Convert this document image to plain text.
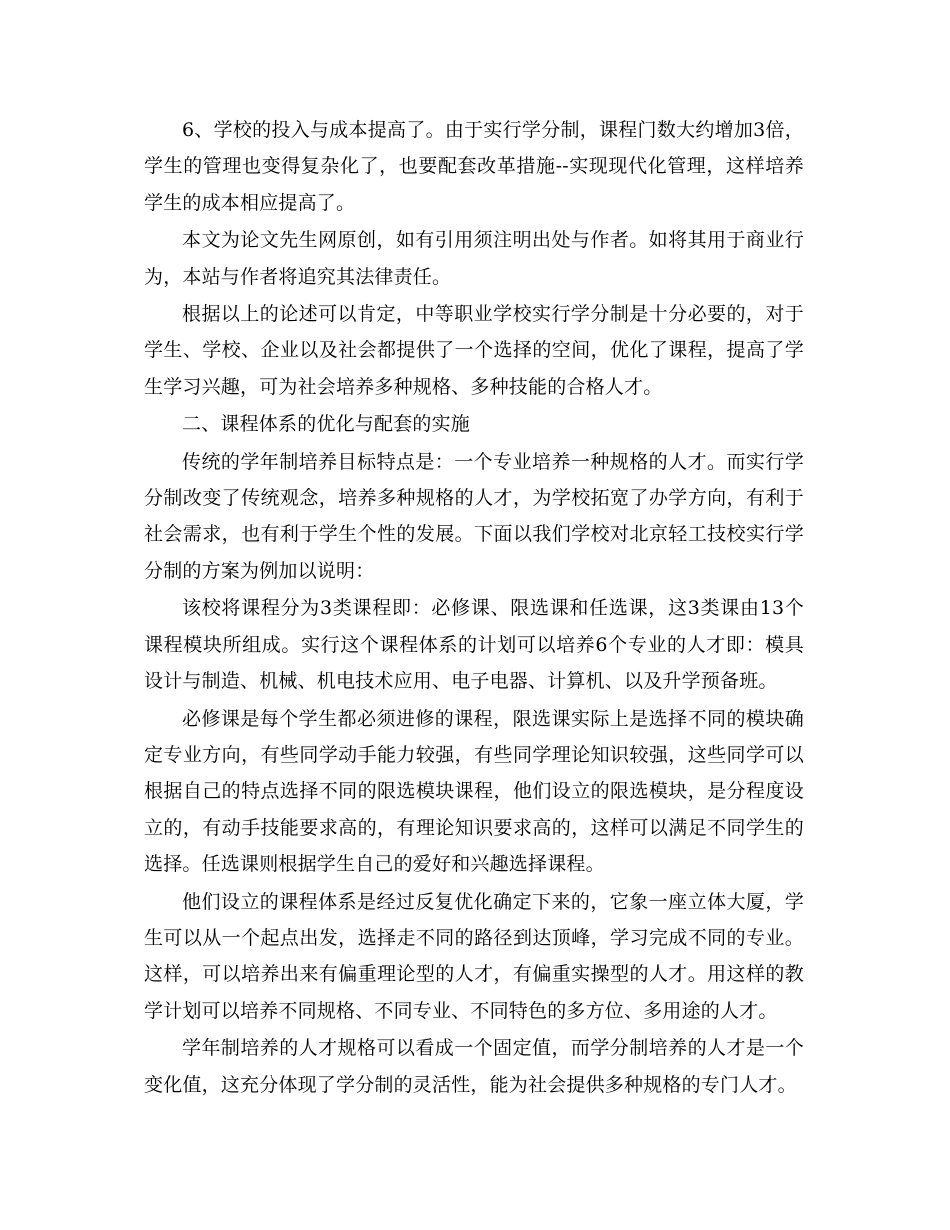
6、学校的投入与成本提高了。由于实行学分制，课程门数大约增加3倍，学生的管理也变得复杂化了，也要配套改革措施--实现现代化管理，这样培养学生的成本相应提高了。

本文为论文先生网原创，如有引用须注明出处与作者。如将其用于商业行为，本站与作者将追究其法律责任。

根据以上的论述可以肯定，中等职业学校实行学分制是十分必要的，对于学生、学校、企业以及社会都提供了一个选择的空间，优化了课程，提高了学生学习兴趣，可为社会培养多种规格、多种技能的合格人才。

二、课程体系的优化与配套的实施

传统的学年制培养目标特点是：一个专业培养一种规格的人才。而实行学分制改变了传统观念，培养多种规格的人才，为学校拓宽了办学方向，有利于社会需求，也有利于学生个性的发展。下面以我们学校对北京轻工技校实行学分制的方案为例加以说明：

该校将课程分为3类课程即：必修课、限选课和任选课，这3类课由13个课程模块所组成。实行这个课程体系的计划可以培养6个专业的人才即：模具设计与制造、机械、机电技术应用、电子电器、计算机、以及升学预备班。

必修课是每个学生都必须进修的课程，限选课实际上是选择不同的模块确定专业方向，有些同学动手能力较强，有些同学理论知识较强，这些同学可以根据自己的特点选择不同的限选模块课程，他们设立的限选模块，是分程度设立的，有动手技能要求高的，有理论知识要求高的，这样可以满足不同学生的选择。任选课则根据学生自己的爱好和兴趣选择课程。

他们设立的课程体系是经过反复优化确定下来的，它象一座立体大厦，学生可以从一个起点出发，选择走不同的路径到达顶峰，学习完成不同的专业。这样，可以培养出来有偏重理论型的人才，有偏重实操型的人才。用这样的教学计划可以培养不同规格、不同专业、不同特色的多方位、多用途的人才。

学年制培养的人才规格可以看成一个固定值，而学分制培养的人才是一个变化值，这充分体现了学分制的灵活性，能为社会提供多种规格的专门人才。
